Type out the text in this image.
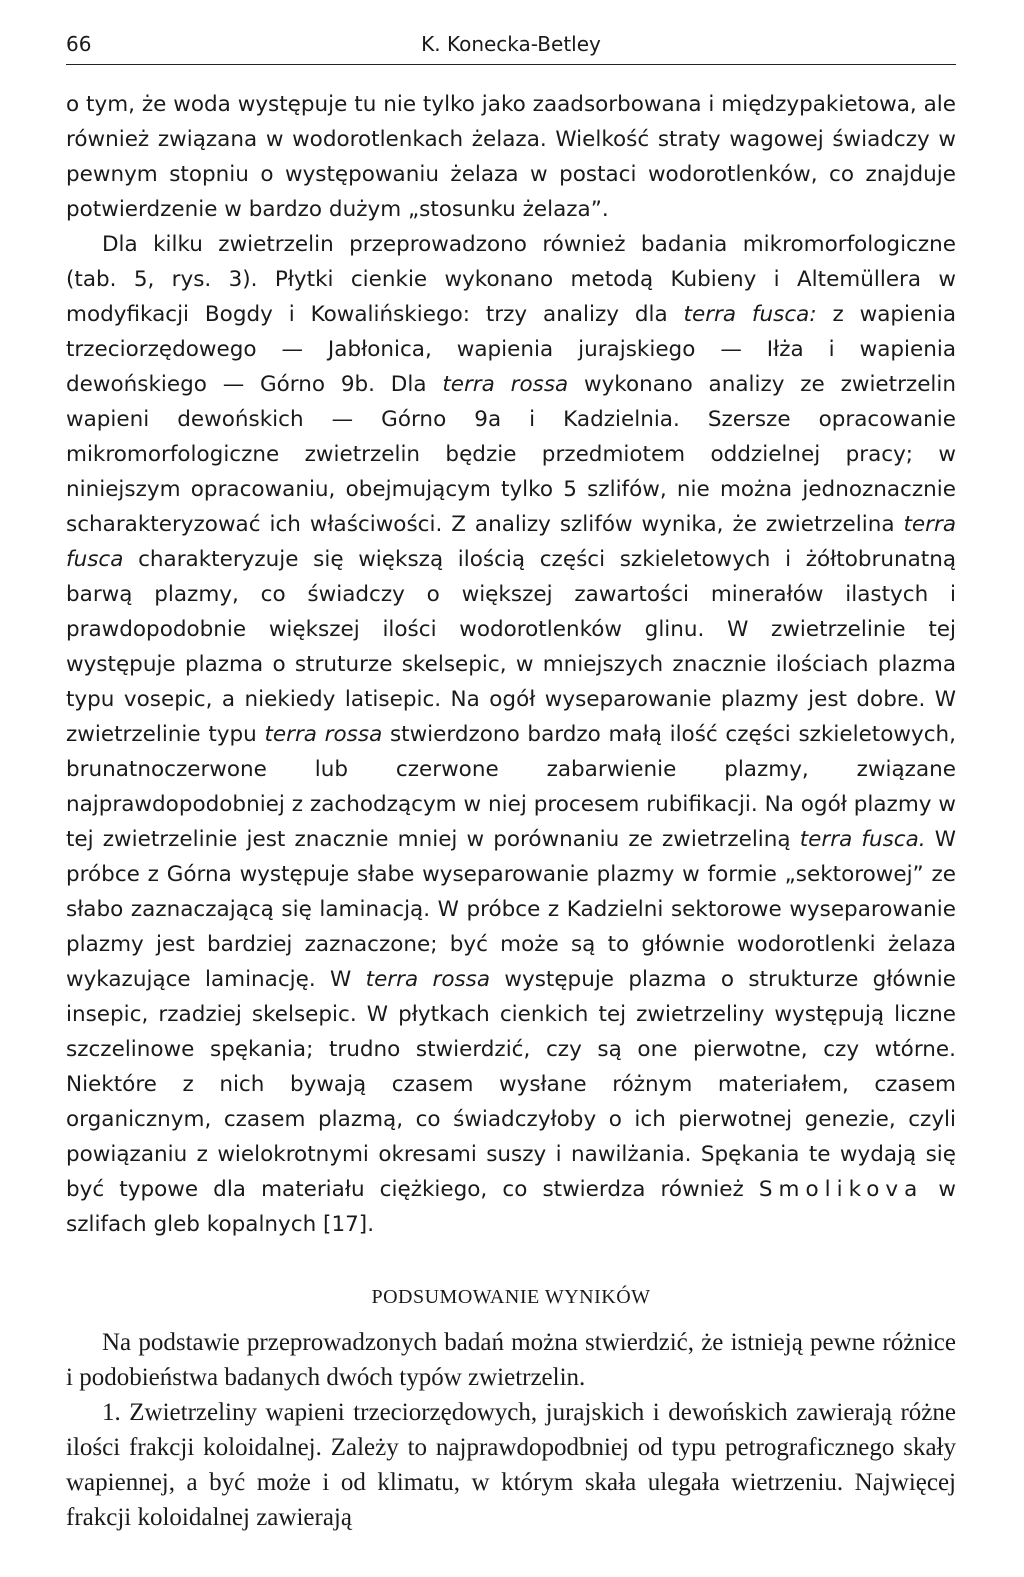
66	K. Konecka-Betley

o tym, że woda występuje tu nie tylko jako zaadsorbowana i międzypakietowa, ale również związana w wodorotlenkach żelaza. Wielkość straty wagowej świadczy w pewnym stopniu o występowaniu żelaza w postaci wodorotlenków, co znajduje potwierdzenie w bardzo dużym „stosunku żelaza”.

Dla kilku zwietrzelin przeprowadzono również badania mikromorfologiczne (tab. 5, rys. 3). Płytki cienkie wykonano metodą Kubieny i Altemüllera w modyfikacji Bogdy i Kowalińskiego: trzy analizy dla terra fusca: z wapienia trzeciorzędowego — Jabłonica, wapienia jurajskiego — Iłża i wapienia dewońskiego — Górno 9b. Dla terra rossa wykonano analizy ze zwietrzelin wapieni dewońskich — Górno 9a i Kadzielnia. Szersze opracowanie mikromorfologiczne zwietrzelin będzie przedmiotem oddzielnej pracy; w niniejszym opracowaniu, obejmującym tylko 5 szlifów, nie można jednoznacznie scharakteryzować ich właściwości. Z analizy szlifów wynika, że zwietrzelina terra fusca charakteryzuje się większą ilością części szkieletowych i żółtobrunatną barwą plazmy, co świadczy o większej zawartości minerałów ilastych i prawdopodobnie większej ilości wodorotlenków glinu. W zwietrzelinie tej występuje plazma o struturze skelsepic, w mniejszych znacznie ilościach plazma typu vosepic, a niekiedy latisepic. Na ogół wyseparowanie plazmy jest dobre. W zwietrzelinie typu terra rossa stwierdzono bardzo małą ilość części szkieletowych, brunatnoczerwone lub czerwone zabarwienie plazmy, związane najprawdopodobniej z zachodzącym w niej procesem rubifikacji. Na ogół plazmy w tej zwietrzelinie jest znacznie mniej w porównaniu ze zwietrzeliną terra fusca. W próbce z Górna występuje słabe wyseparowanie plazmy w formie „sektorowej” ze słabo zaznaczającą się laminacją. W próbce z Kadzielni sektorowe wyseparowanie plazmy jest bardziej zaznaczone; być może są to głównie wodorotlenki żelaza wykazujące laminację. W terra rossa występuje plazma o strukturze głównie insepic, rzadziej skelsepic. W płytkach cienkich tej zwietrzeliny występują liczne szczelinowe spękania; trudno stwierdzić, czy są one pierwotne, czy wtórne. Niektóre z nich bywają czasem wysłane różnym materiałem, czasem organicznym, czasem plazmą, co świadczyłoby o ich pierwotnej genezie, czyli powiązaniu z wielokrotnymi okresami suszy i nawilżania. Spękania te wydają się być typowe dla materiału ciężkiego, co stwierdza również Smolikova w szlifach gleb kopalnych [17].

PODSUMOWANIE WYNIKÓW

Na podstawie przeprowadzonych badań można stwierdzić, że istnieją pewne różnice i podobieństwa badanych dwóch typów zwietrzelin.

1. Zwietrzeliny wapieni trzeciorzędowych, jurajskich i dewońskich zawierają różne ilości frakcji koloidalnej. Zależy to najprawdopodbniej od typu petrograficznego skały wapiennej, a być może i od klimatu, w którym skała ulegała wietrzeniu. Najwięcej frakcji koloidalnej zawierają
